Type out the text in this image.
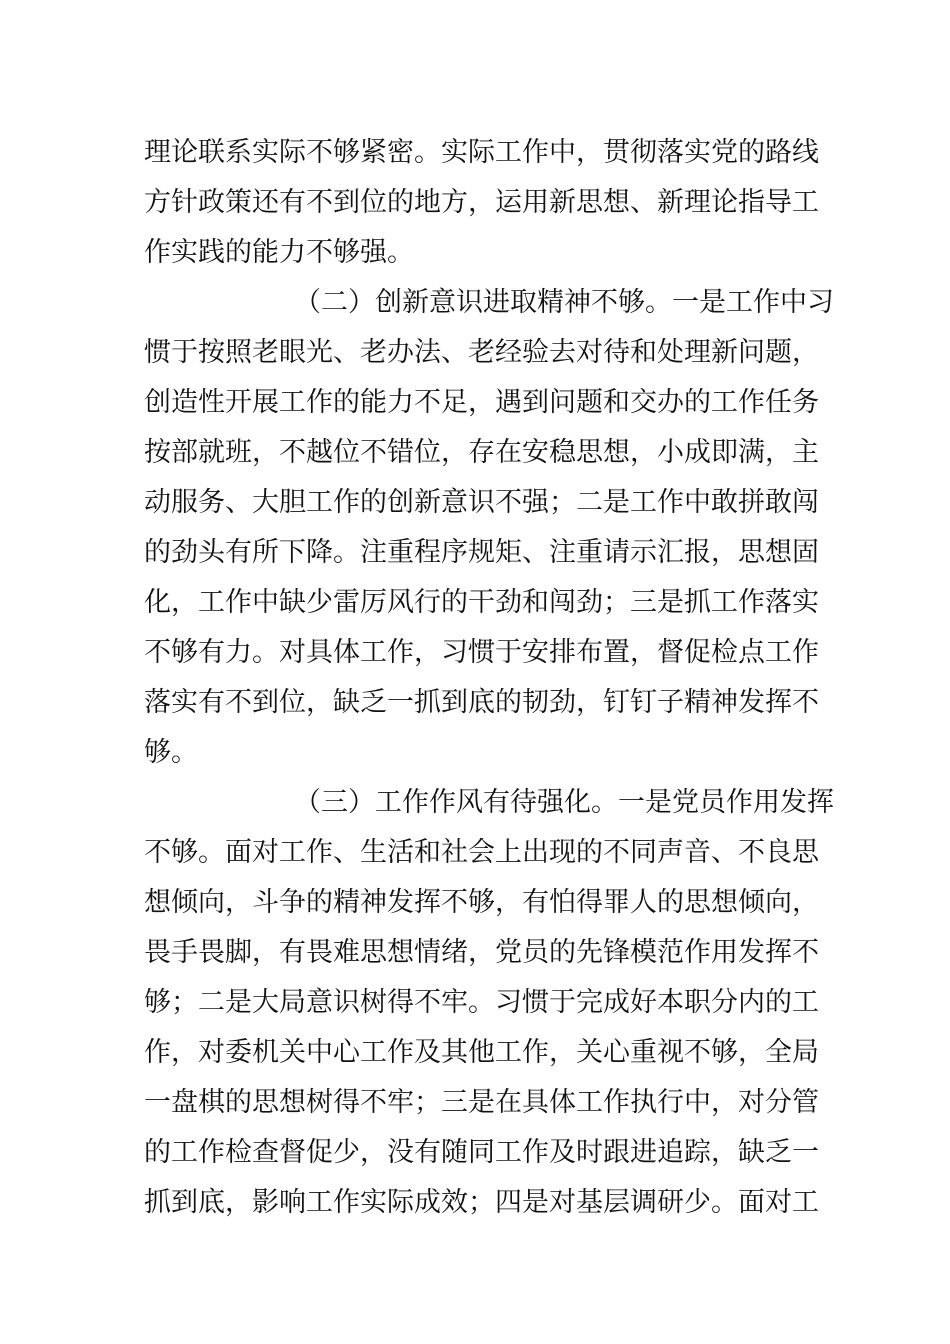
理论联系实际不够紧密。实际工作中，贯彻落实党的路线
方针政策还有不到位的地方，运用新思想、新理论指导工
作实践的能力不够强。
（二）创新意识进取精神不够。一是工作中习
惯于按照老眼光、老办法、老经验去对待和处理新问题，
创造性开展工作的能力不足，遇到问题和交办的工作任务
按部就班，不越位不错位，存在安稳思想，小成即满，主
动服务、大胆工作的创新意识不强；二是工作中敢拼敢闯
的劲头有所下降。注重程序规矩、注重请示汇报，思想固
化，工作中缺少雷厉风行的干劲和闯劲；三是抓工作落实
不够有力。对具体工作，习惯于安排布置，督促检点工作
落实有不到位，缺乏一抓到底的韧劲，钉钉子精神发挥不
够。
（三）工作作风有待强化。一是党员作用发挥
不够。面对工作、生活和社会上出现的不同声音、不良思
想倾向，斗争的精神发挥不够，有怕得罪人的思想倾向，
畏手畏脚，有畏难思想情绪，党员的先锋模范作用发挥不
够；二是大局意识树得不牢。习惯于完成好本职分内的工
作，对委机关中心工作及其他工作，关心重视不够，全局
一盘棋的思想树得不牢；三是在具体工作执行中，对分管
的工作检查督促少，没有随同工作及时跟进追踪，缺乏一
抓到底，影响工作实际成效；四是对基层调研少。面对工
